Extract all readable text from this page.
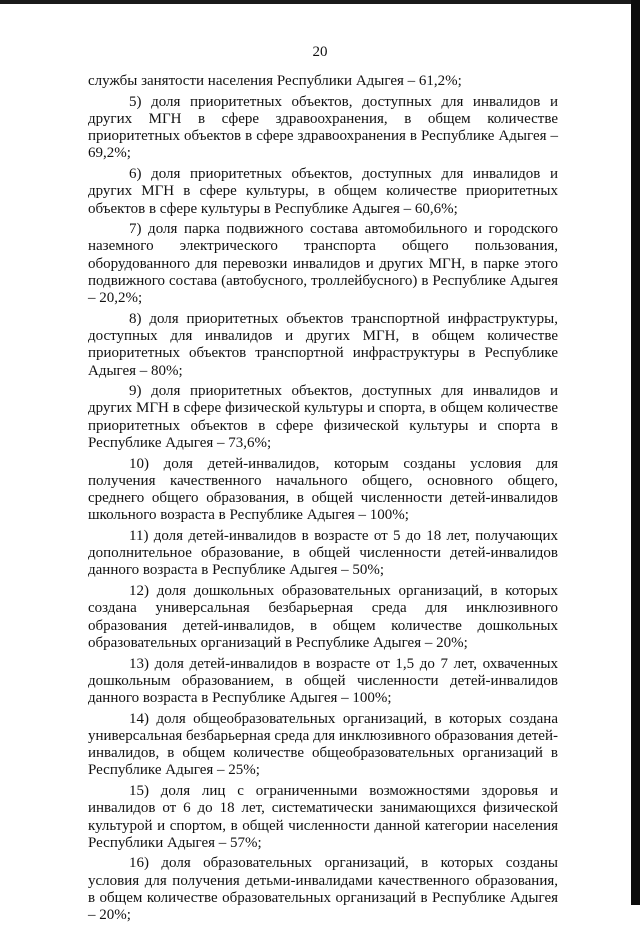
20

службы занятости населения Республики Адыгея – 61,2%;

5) доля приоритетных объектов, доступных для инвалидов и других МГН в сфере здравоохранения, в общем количестве приоритетных объектов в сфере здравоохранения в Республике Адыгея – 69,2%;

6) доля приоритетных объектов, доступных для инвалидов и других МГН в сфере культуры, в общем количестве приоритетных объектов в сфере культуры в Республике Адыгея – 60,6%;

7) доля парка подвижного состава автомобильного и городского наземного электрического транспорта общего пользования, оборудованного для перевозки инвалидов и других МГН, в парке этого подвижного состава (автобусного, троллейбусного) в Республике Адыгея – 20,2%;

8) доля приоритетных объектов транспортной инфраструктуры, доступных для инвалидов и других МГН, в общем количестве приоритетных объектов транспортной инфраструктуры в Республике Адыгея – 80%;

9) доля приоритетных объектов, доступных для инвалидов и других МГН в сфере физической культуры и спорта, в общем количестве приоритетных объектов в сфере физической культуры и спорта в Республике Адыгея – 73,6%;

10) доля детей-инвалидов, которым созданы условия для получения качественного начального общего, основного общего, среднего общего образования, в общей численности детей-инвалидов школьного возраста в Республике Адыгея – 100%;

11) доля детей-инвалидов в возрасте от 5 до 18 лет, получающих дополнительное образование, в общей численности детей-инвалидов данного возраста в Республике Адыгея – 50%;

12) доля дошкольных образовательных организаций, в которых создана универсальная безбарьерная среда для инклюзивного образования детей-инвалидов, в общем количестве дошкольных образовательных организаций в Республике Адыгея – 20%;

13) доля детей-инвалидов в возрасте от 1,5 до 7 лет, охваченных дошкольным образованием, в общей численности детей-инвалидов данного возраста в Республике Адыгея – 100%;

14) доля общеобразовательных организаций, в которых создана универсальная безбарьерная среда для инклюзивного образования детей-инвалидов, в общем количестве общеобразовательных организаций в Республике Адыгея – 25%;

15) доля лиц с ограниченными возможностями здоровья и инвалидов от 6 до 18 лет, систематически занимающихся физической культурой и спортом, в общей численности данной категории населения Республики Адыгея – 57%;

16) доля образовательных организаций, в которых созданы условия для получения детьми-инвалидами качественного образования, в общем количестве образовательных организаций в Республике Адыгея – 20%;
